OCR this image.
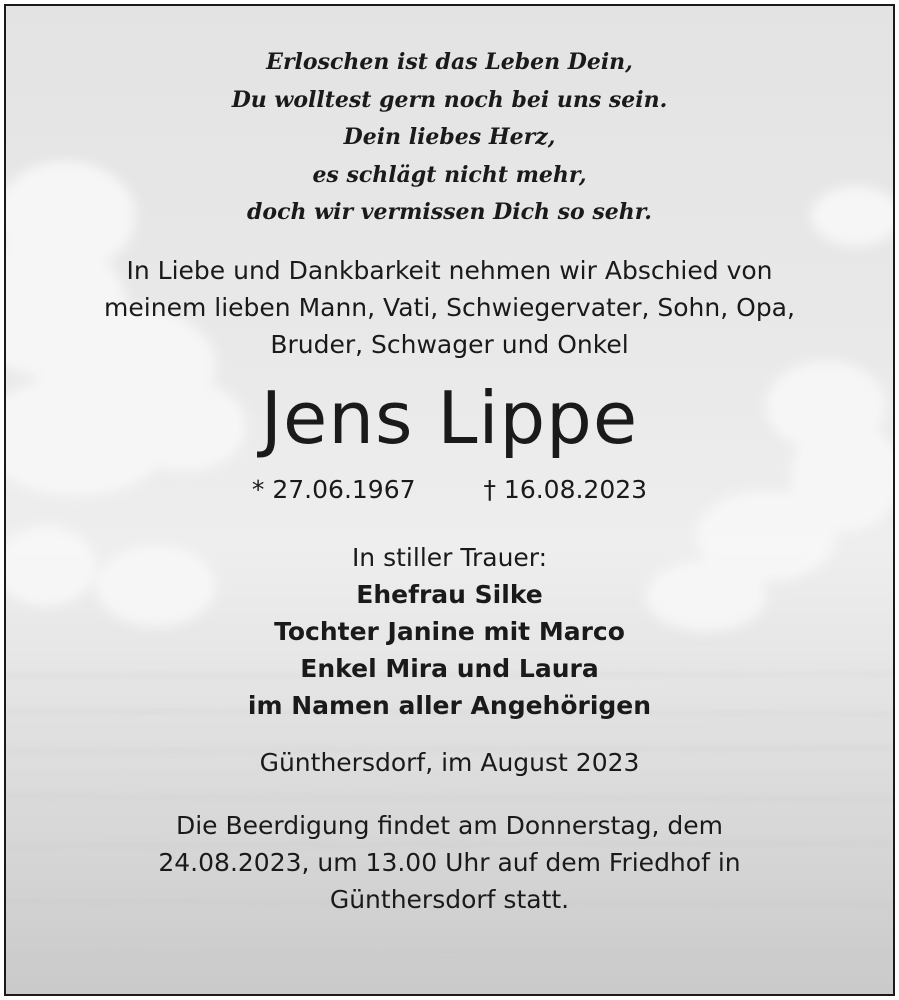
Erloschen ist das Leben Dein,
Du wolltest gern noch bei uns sein.
Dein liebes Herz,
es schlägt nicht mehr,
doch wir vermissen Dich so sehr.
In Liebe und Dankbarkeit nehmen wir Abschied von
meinem lieben Mann, Vati, Schwiegervater, Sohn, Opa,
Bruder, Schwager und Onkel
Jens Lippe
* 27.06.1967	† 16.08.2023
In stiller Trauer:
Ehefrau Silke
Tochter Janine mit Marco
Enkel Mira und Laura
im Namen aller Angehörigen
Günthersdorf, im August 2023
Die Beerdigung findet am Donnerstag, dem
24.08.2023, um 13.00 Uhr auf dem Friedhof in
Günthersdorf statt.
